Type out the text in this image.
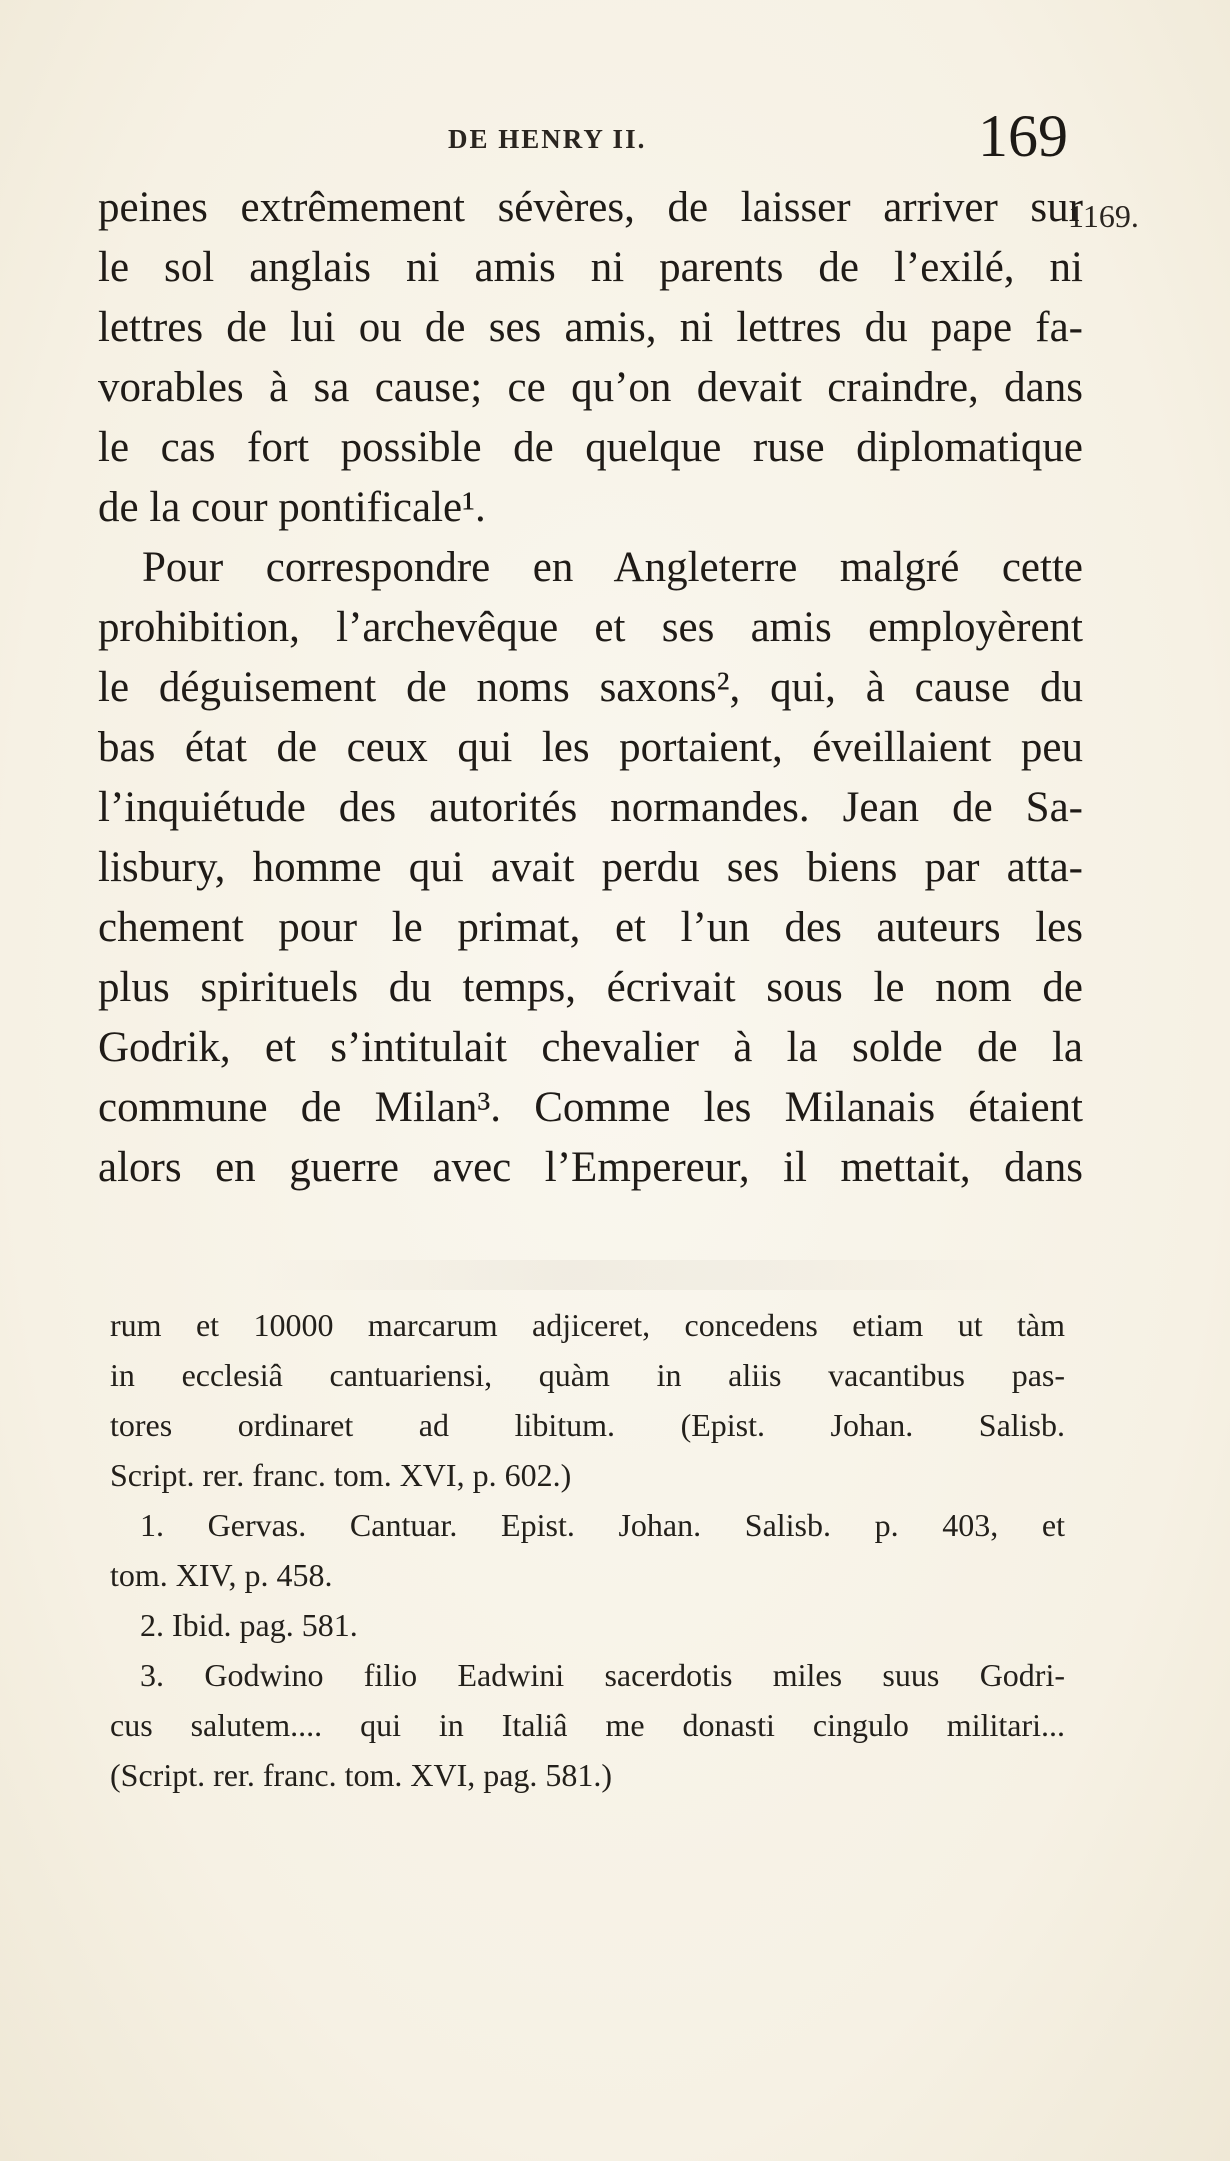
DE HENRY II.	169
1169.
peines extrêmement sévères, de laisser arriver sur
le sol anglais ni amis ni parents de l’exilé, ni
lettres de lui ou de ses amis, ni lettres du pape fa-
vorables à sa cause; ce qu’on devait craindre, dans
le cas fort possible de quelque ruse diplomatique
de la cour pontificale¹.
Pour correspondre en Angleterre malgré cette
prohibition, l’archevêque et ses amis employèrent
le déguisement de noms saxons², qui, à cause du
bas état de ceux qui les portaient, éveillaient peu
l’inquiétude des autorités normandes. Jean de Sa-
lisbury, homme qui avait perdu ses biens par atta-
chement pour le primat, et l’un des auteurs les
plus spirituels du temps, écrivait sous le nom de
Godrik, et s’intitulait chevalier à la solde de la
commune de Milan³. Comme les Milanais étaient
alors en guerre avec l’Empereur, il mettait, dans
rum et 10000 marcarum adjiceret, concedens etiam ut tàm
in ecclesiâ cantuariensi, quàm in aliis vacantibus pas-
tores ordinaret ad libitum. (Epist. Johan. Salisb.
Script. rer. franc. tom. XVI, p. 602.)
1. Gervas. Cantuar. Epist. Johan. Salisb. p. 403, et
tom. XIV, p. 458.
2. Ibid. pag. 581.
3. Godwino filio Eadwini sacerdotis miles suus Godri-
cus salutem.... qui in Italiâ me donasti cingulo militari...
(Script. rer. franc. tom. XVI, pag. 581.)
